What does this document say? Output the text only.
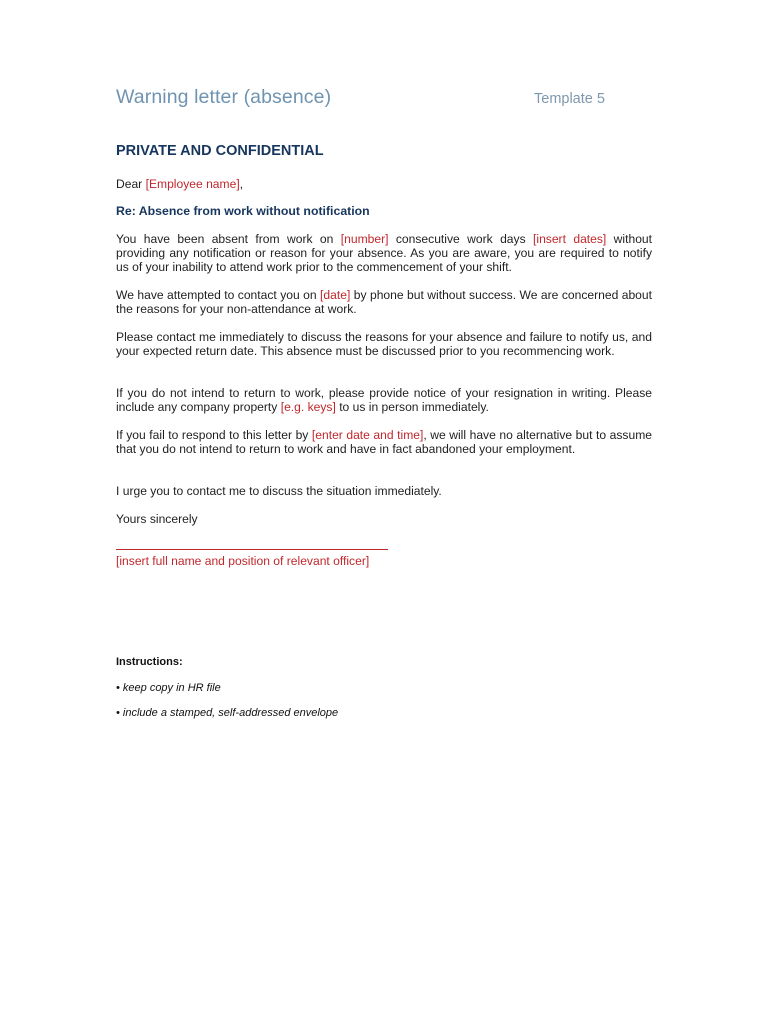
Warning letter (absence)	Template 5
PRIVATE AND CONFIDENTIAL
Dear [Employee name],
Re: Absence from work without notification
You have been absent from work on [number] consecutive work days [insert dates] without providing any notification or reason for your absence. As you are aware, you are required to notify us of your inability to attend work prior to the commencement of your shift.
We have attempted to contact you on [date] by phone but without success. We are concerned about the reasons for your non-attendance at work.
Please contact me immediately to discuss the reasons for your absence and failure to notify us, and your expected return date. This absence must be discussed prior to you recommencing work.
If you do not intend to return to work, please provide notice of your resignation in writing. Please include any company property [e.g. keys] to us in person immediately.
If you fail to respond to this letter by [enter date and time], we will have no alternative but to assume that you do not intend to return to work and have in fact abandoned your employment.
I urge you to contact me to discuss the situation immediately.
Yours sincerely
[insert full name and position of relevant officer]
Instructions:
• keep copy in HR file
• include a stamped, self-addressed envelope
